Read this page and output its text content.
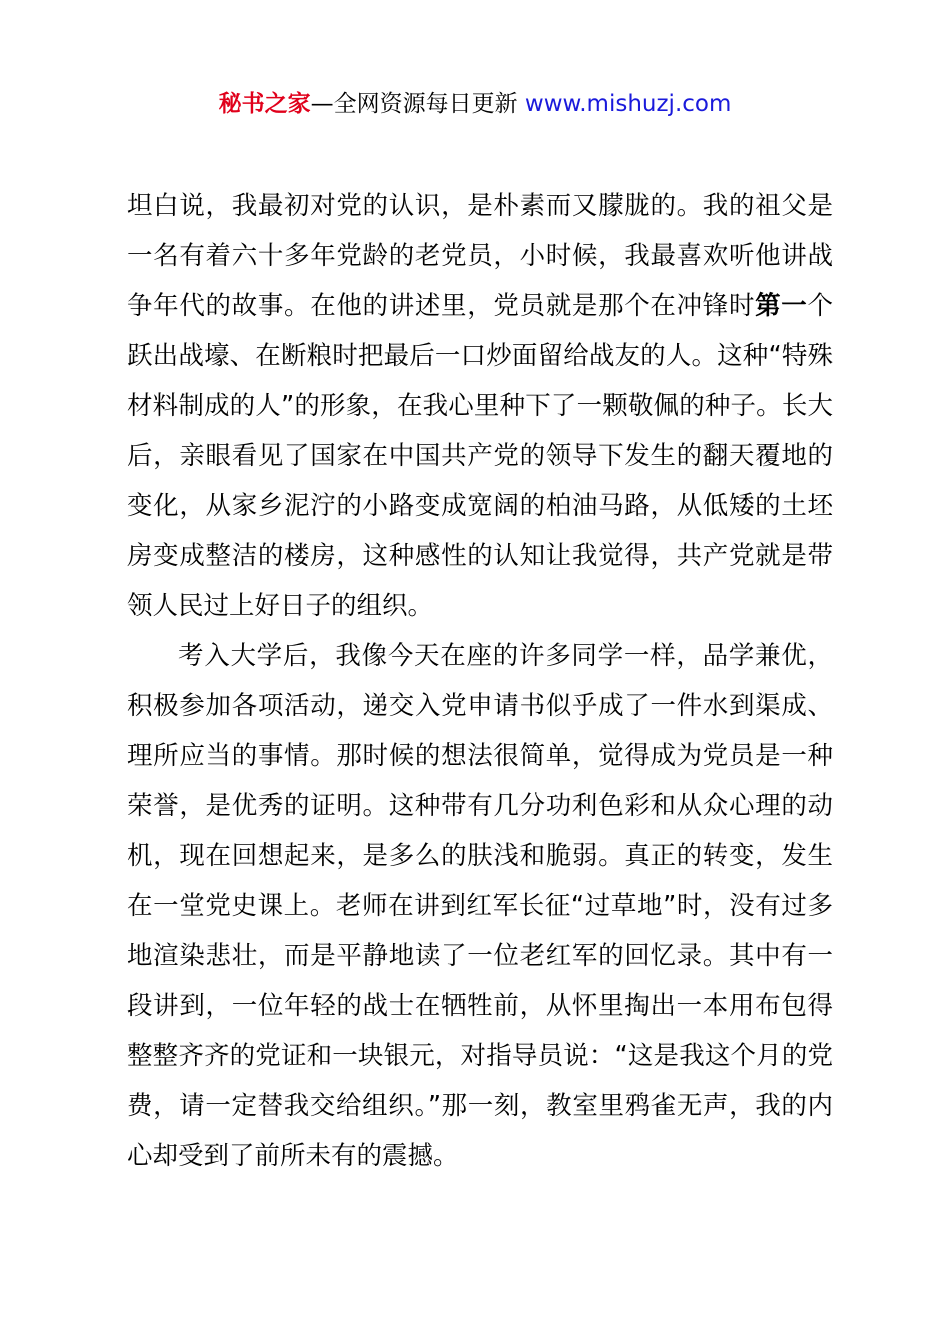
秘书之家—全网资源每日更新 www.mishuzj.com

坦白说，我最初对党的认识，是朴素而又朦胧的。我的祖父是一名有着六十多年党龄的老党员，小时候，我最喜欢听他讲战争年代的故事。在他的讲述里，党员就是那个在冲锋时第一个跃出战壕、在断粮时把最后一口炒面留给战友的人。这种“特殊材料制成的人”的形象，在我心里种下了一颗敬佩的种子。长大后，亲眼看见了国家在中国共产党的领导下发生的翻天覆地的变化，从家乡泥泞的小路变成宽阔的柏油马路，从低矮的土坯房变成整洁的楼房，这种感性的认知让我觉得，共产党就是带领人民过上好日子的组织。

考入大学后，我像今天在座的许多同学一样，品学兼优，积极参加各项活动，递交入党申请书似乎成了一件水到渠成、理所应当的事情。那时候的想法很简单，觉得成为党员是一种荣誉，是优秀的证明。这种带有几分功利色彩和从众心理的动机，现在回想起来，是多么的肤浅和脆弱。真正的转变，发生在一堂党史课上。老师在讲到红军长征“过草地”时，没有过多地渲染悲壮，而是平静地读了一位老红军的回忆录。其中有一段讲到，一位年轻的战士在牺牲前，从怀里掏出一本用布包得整整齐齐的党证和一块银元，对指导员说：“这是我这个月的党费，请一定替我交给组织。”那一刻，教室里鸦雀无声，我的内心却受到了前所未有的震撼。
